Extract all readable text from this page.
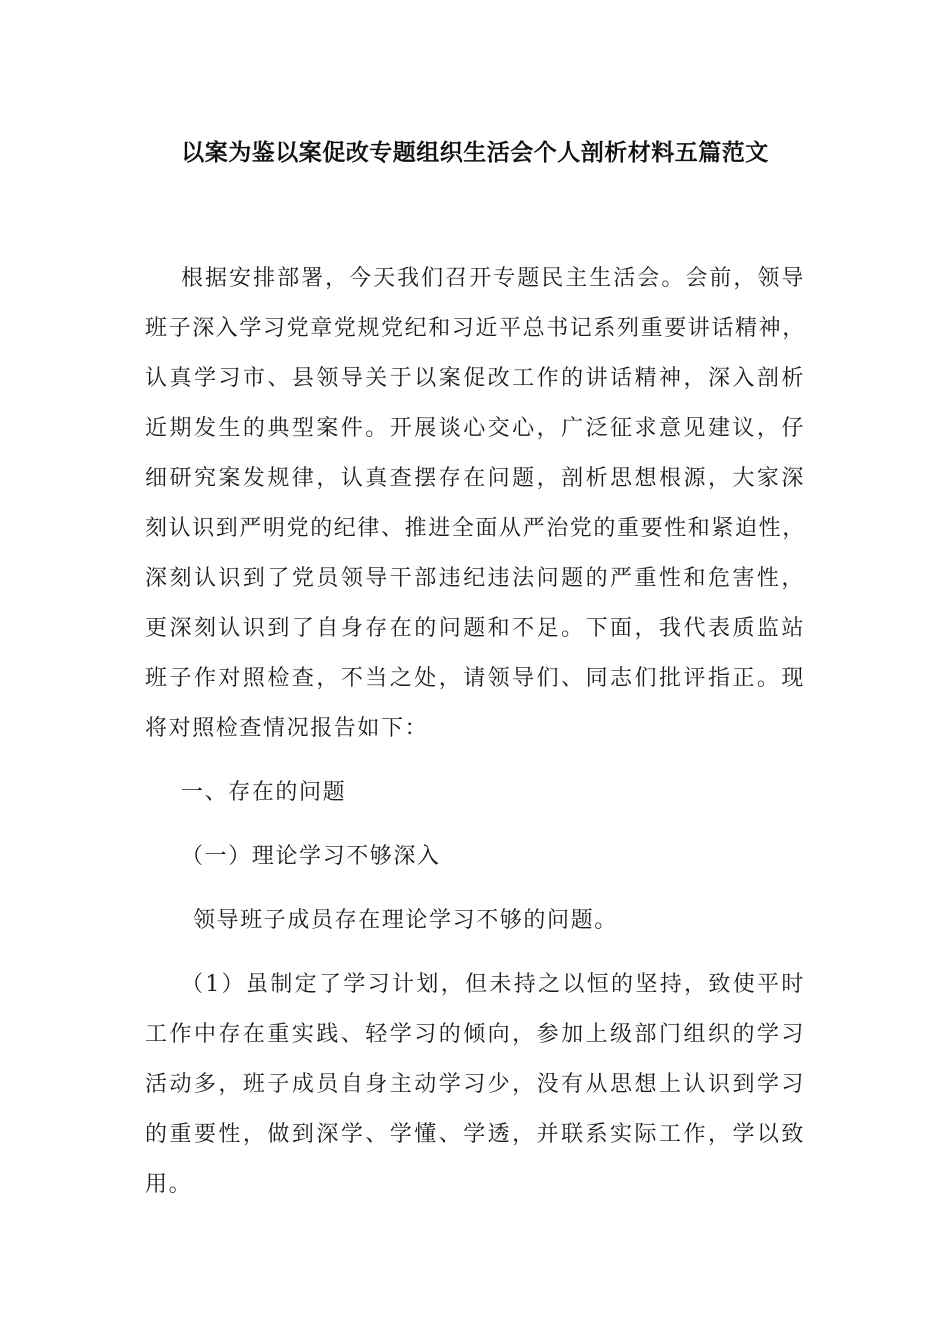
以案为鉴以案促改专题组织生活会个人剖析材料五篇范文
根据安排部署，今天我们召开专题民主生活会。会前，领导
班子深入学习党章党规党纪和习近平总书记系列重要讲话精神，
认真学习市、县领导关于以案促改工作的讲话精神，深入剖析
近期发生的典型案件。开展谈心交心，广泛征求意见建议，仔
细研究案发规律，认真查摆存在问题，剖析思想根源，大家深
刻认识到严明党的纪律、推进全面从严治党的重要性和紧迫性，
深刻认识到了党员领导干部违纪违法问题的严重性和危害性，
更深刻认识到了自身存在的问题和不足。下面，我代表质监站
班子作对照检查，不当之处，请领导们、同志们批评指正。现
将对照检查情况报告如下：
一、存在的问题
（一）理论学习不够深入
领导班子成员存在理论学习不够的问题。
（1）虽制定了学习计划，但未持之以恒的坚持，致使平时
工作中存在重实践、轻学习的倾向，参加上级部门组织的学习
活动多，班子成员自身主动学习少，没有从思想上认识到学习
的重要性，做到深学、学懂、学透，并联系实际工作，学以致
用。
